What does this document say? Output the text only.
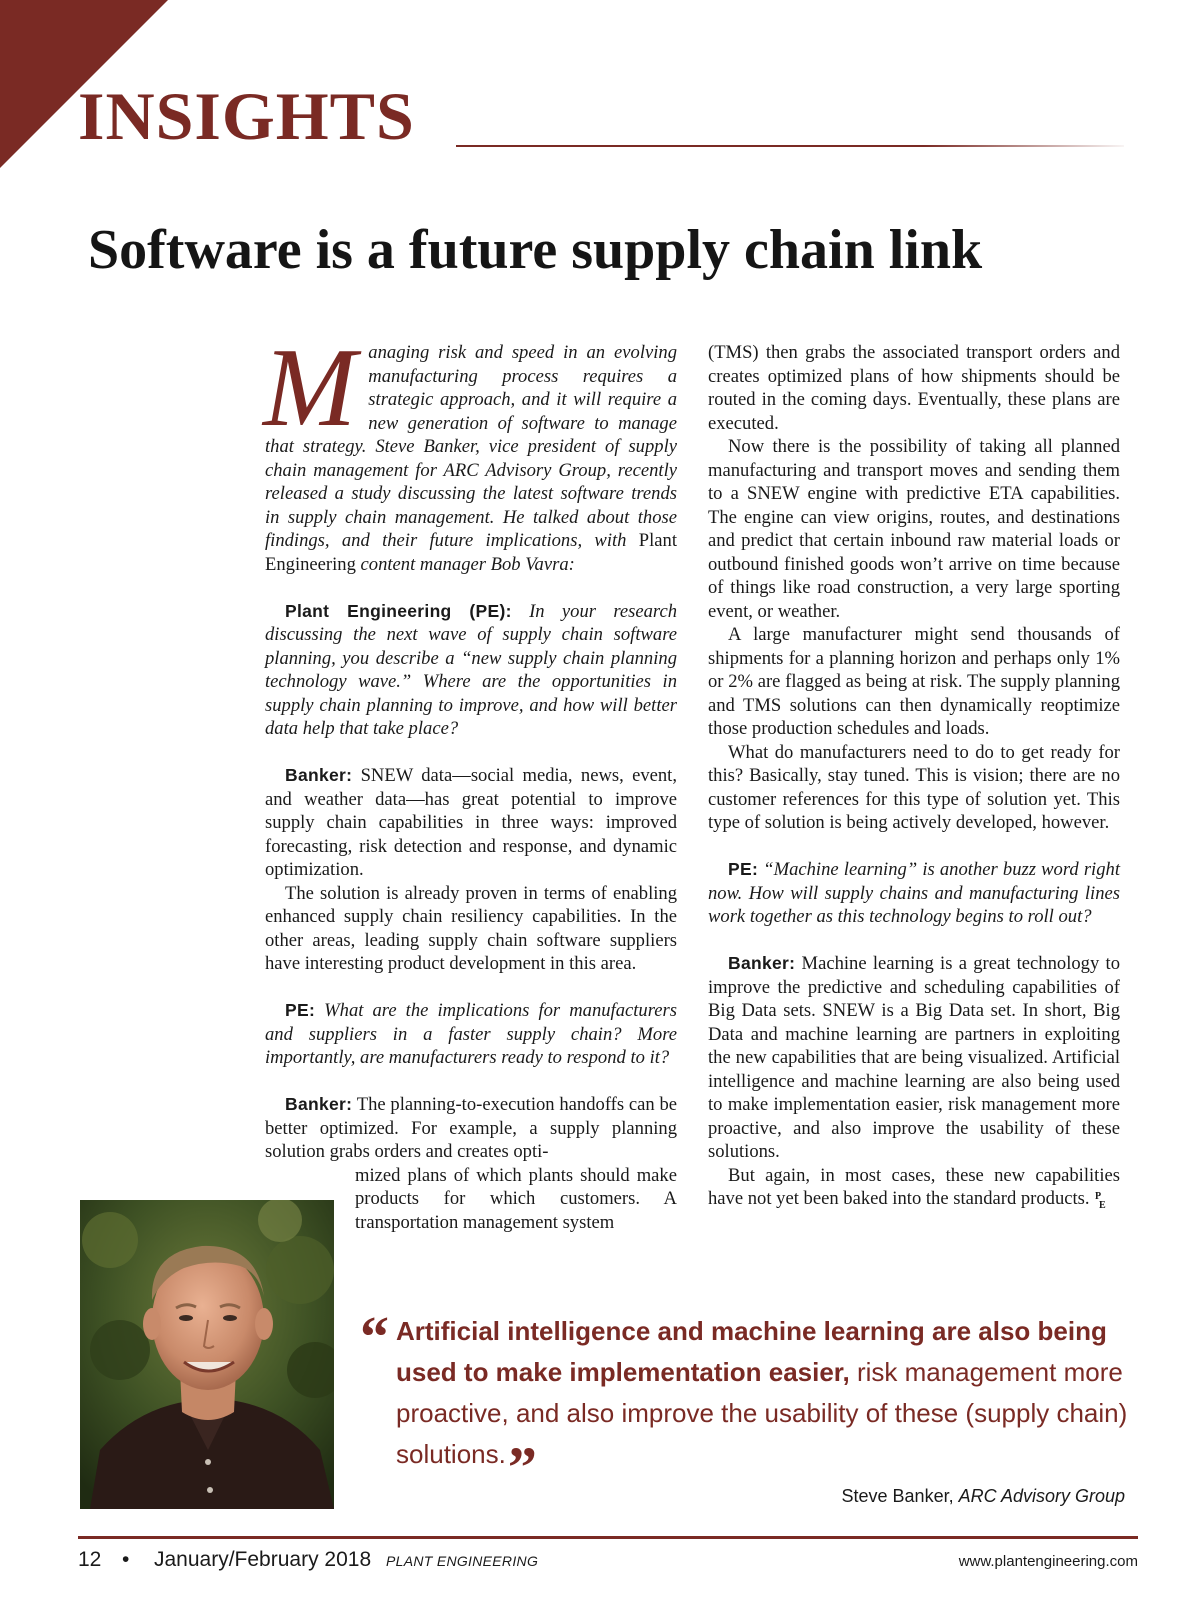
INSIGHTS
Software is a future supply chain link

Managing risk and speed in an evolving manufacturing process requires a strategic approach, and it will require a new generation of software to manage that strategy. Steve Banker, vice president of supply chain management for ARC Advisory Group, recently released a study discussing the latest software trends in supply chain management. He talked about those findings, and their future implications, with Plant Engineering content manager Bob Vavra:

Plant Engineering (PE): In your research discussing the next wave of supply chain software planning, you describe a “new supply chain planning technology wave.” Where are the opportunities in supply chain planning to improve, and how will better data help that take place?

Banker: SNEW data—social media, news, event, and weather data—has great potential to improve supply chain capabilities in three ways: improved forecasting, risk detection and response, and dynamic optimization.

The solution is already proven in terms of enabling enhanced supply chain resiliency capabilities. In the other areas, leading supply chain software suppliers have interesting product development in this area.

PE: What are the implications for manufacturers and suppliers in a faster supply chain? More importantly, are manufacturers ready to respond to it?

Banker: The planning-to-execution handoffs can be better optimized. For example, a supply planning solution grabs orders and creates opti-

mized plans of which plants should make products for which customers. A transportation management system

(TMS) then grabs the associated transport orders and creates optimized plans of how shipments should be routed in the coming days. Eventually, these plans are executed.

Now there is the possibility of taking all planned manufacturing and transport moves and sending them to a SNEW engine with predictive ETA capabilities. The engine can view origins, routes, and destinations and predict that certain inbound raw material loads or outbound finished goods won’t arrive on time because of things like road construction, a very large sporting event, or weather.

A large manufacturer might send thousands of shipments for a planning horizon and perhaps only 1% or 2% are flagged as being at risk. The supply planning and TMS solutions can then dynamically reoptimize those production schedules and loads.

What do manufacturers need to do to get ready for this? Basically, stay tuned. This is vision; there are no customer references for this type of solution yet. This type of solution is being actively developed, however.

PE: “Machine learning” is another buzz word right now. How will supply chains and manufacturing lines work together as this technology begins to roll out?

Banker: Machine learning is a great technology to improve the predictive and scheduling capabilities of Big Data sets. SNEW is a Big Data set. In short, Big Data and machine learning are partners in exploiting the new capabilities that are being visualized. Artificial intelligence and machine learning are also being used to make implementation easier, risk management more proactive, and also improve the usability of these solutions.

But again, in most cases, these new capabilities have not yet been baked into the standard products. P
E

“ Artificial intelligence and machine learning are also being used to make implementation easier, risk management more proactive, and also improve the usability of these (supply chain) solutions.”	Steve Banker, ARC Advisory Group

12 • January/February 2018 PLANT ENGINEERING	www.plantengineering.com
